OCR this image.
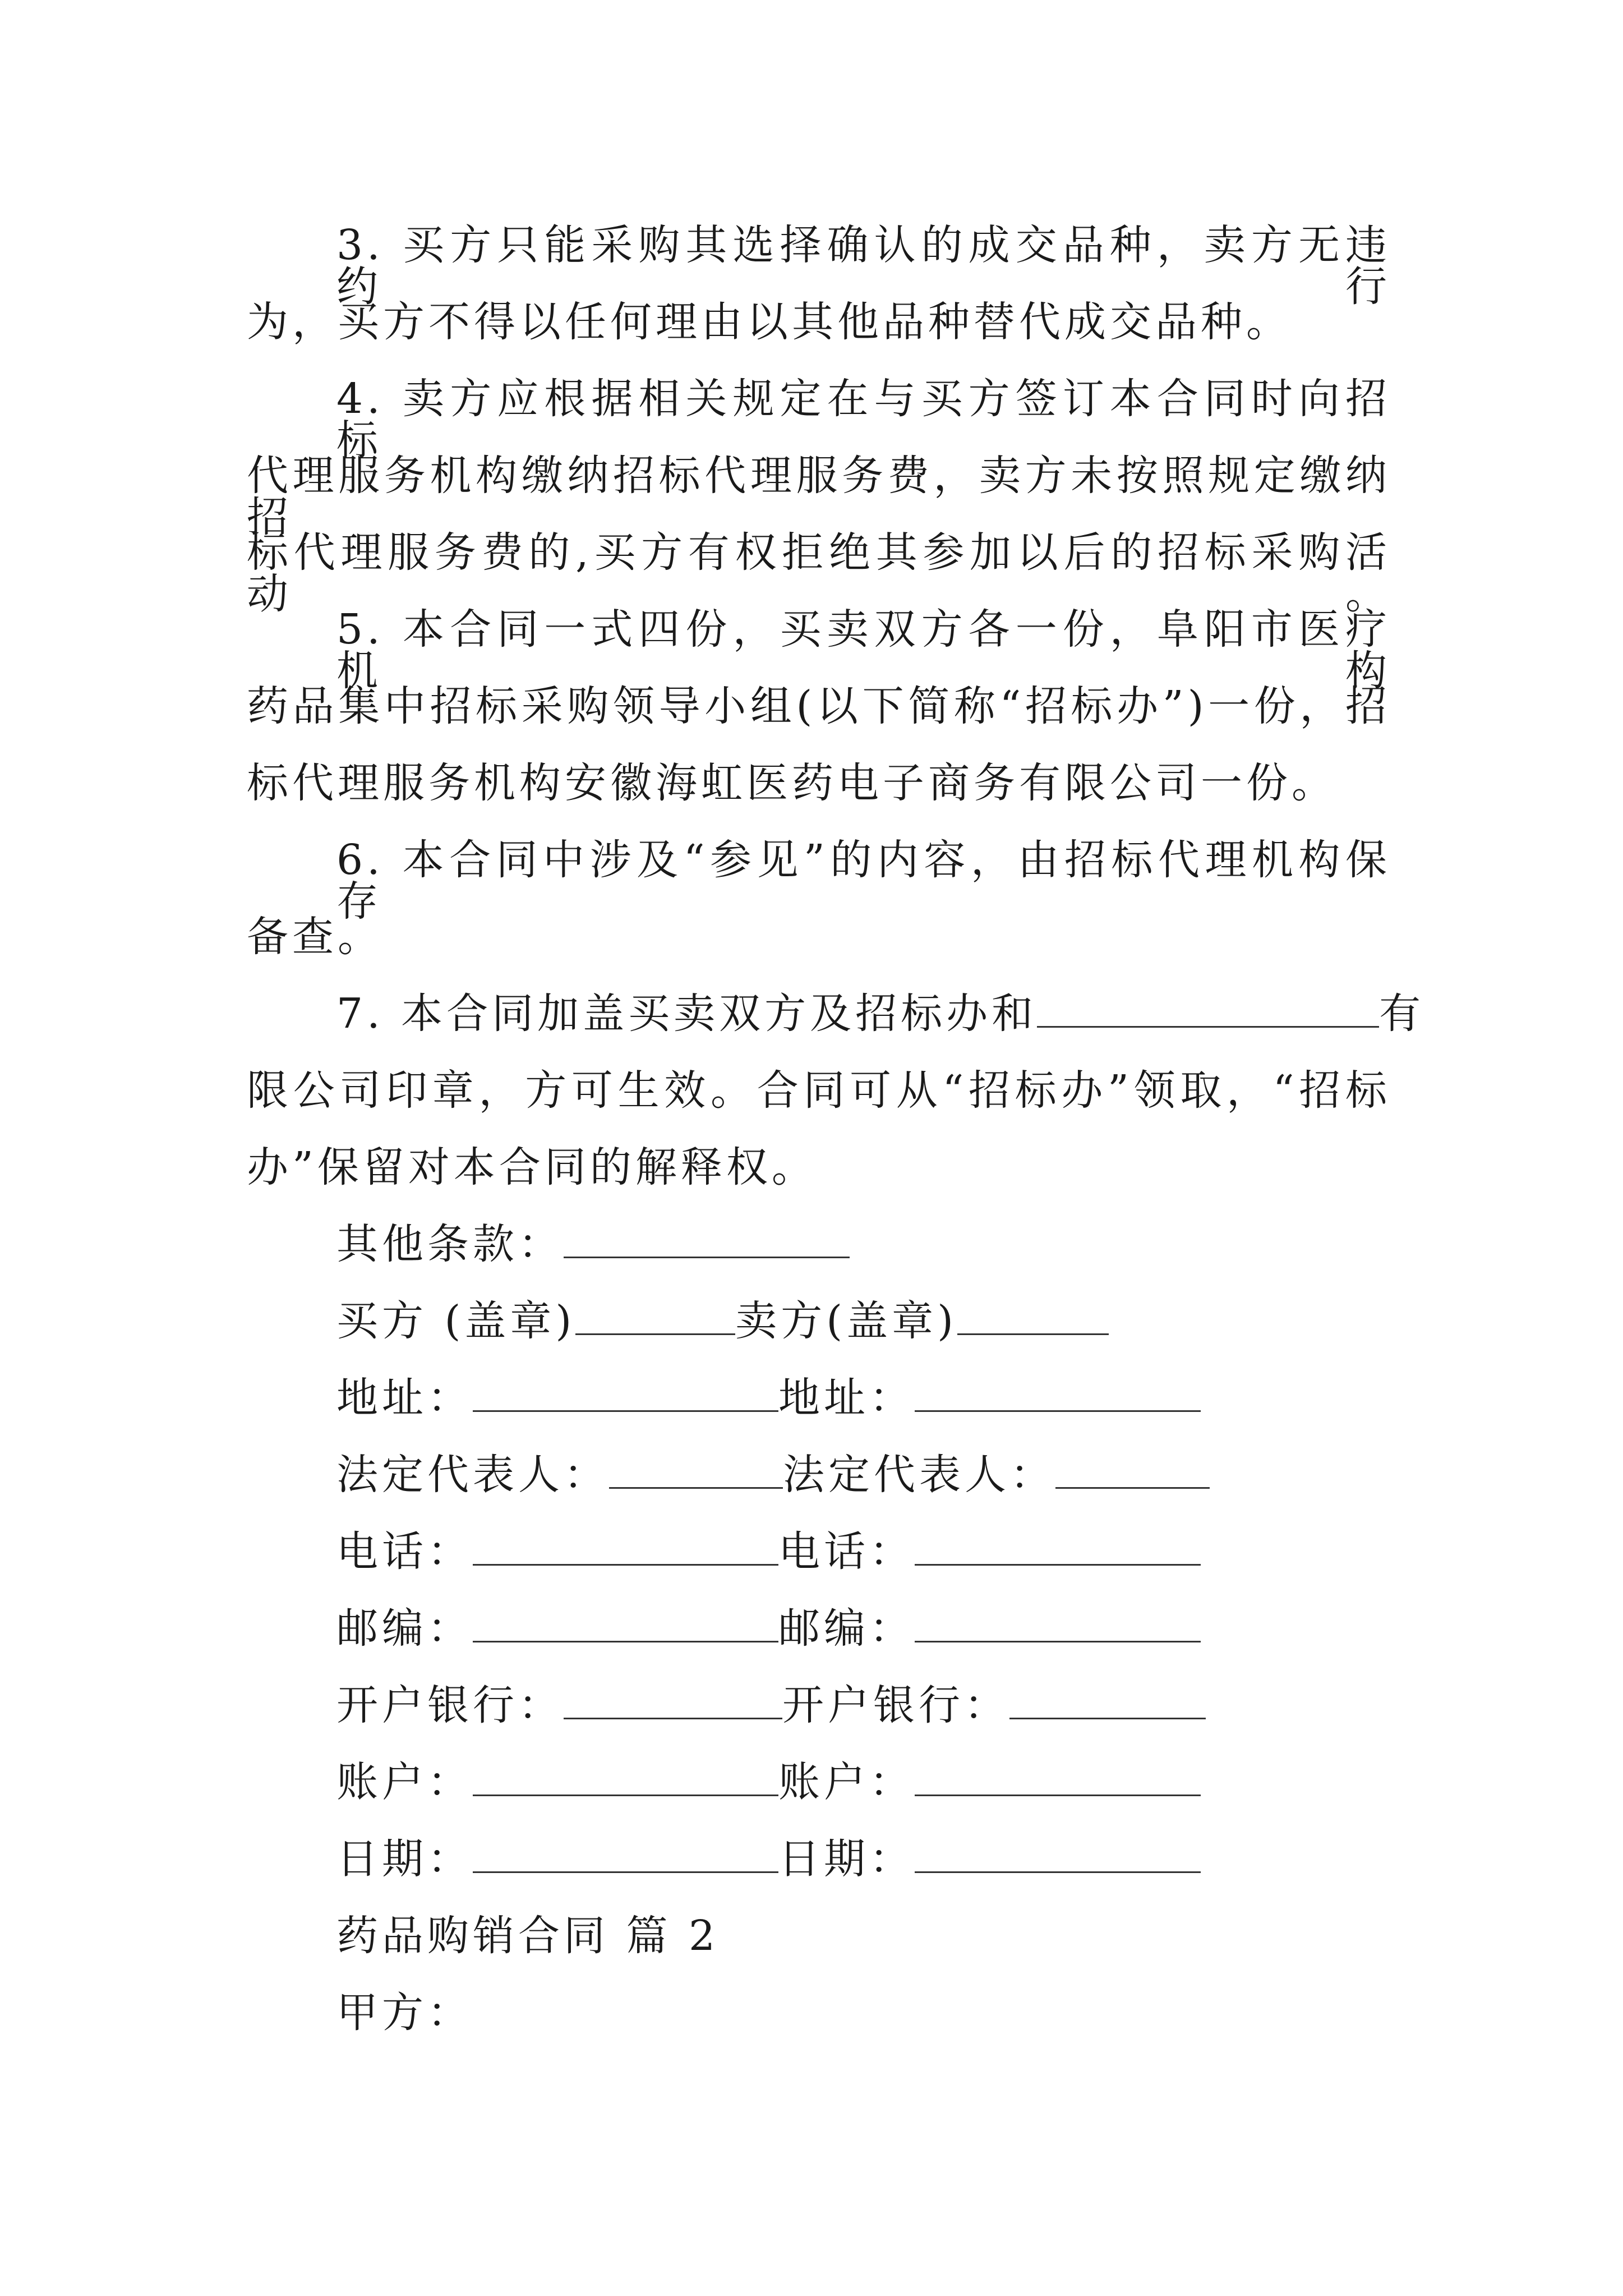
3. 买方只能采购其选择确认的成交品种，卖方无违约行
为，买方不得以任何理由以其他品种替代成交品种。
4. 卖方应根据相关规定在与买方签订本合同时向招标
代理服务机构缴纳招标代理服务费，卖方未按照规定缴纳招
标代理服务费的,买方有权拒绝其参加以后的招标采购活动。
5. 本合同一式四份，买卖双方各一份，阜阳市医疗机构
药品集中招标采购领导小组(以下简称“招标办”)一份，招
标代理服务机构安徽海虹医药电子商务有限公司一份。
6. 本合同中涉及“参见”的内容，由招标代理机构保存
备查。
7. 本合同加盖买卖双方及招标办和	有
限公司印章，方可生效。合同可从“招标办”领取，“招标
办”保留对本合同的解释权。
其他条款：
买方 (盖章)	卖方(盖章)
地址：	地址：
法定代表人：	法定代表人：
电话：	电话：
邮编：	邮编：
开户银行：	开户银行：
账户：	账户：
日期：	日期：
药品购销合同 篇 2
甲方：
